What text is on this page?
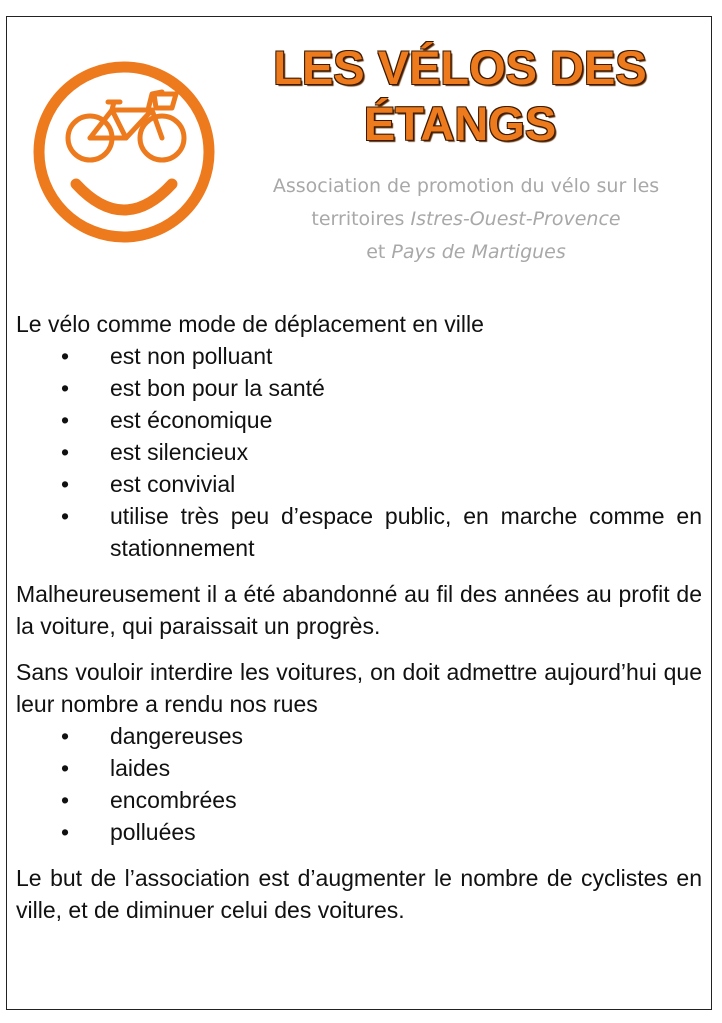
LES VÉLOS DES
ÉTANGS
Association de promotion du vélo sur les
territoires Istres-Ouest-Provence
et Pays de Martigues

Le vélo comme mode de déplacement en ville

• est non polluant
• est bon pour la santé
• est économique
• est silencieux
• est convivial
• utilise très peu d’espace public, en marche comme en stationnement

Malheureusement il a été abandonné au fil des années au profit de la voiture, qui paraissait un progrès.

Sans vouloir interdire les voitures, on doit admettre aujourd’hui que leur nombre a rendu nos rues

• dangereuses
• laides
• encombrées
• polluées

Le but de l’association est d’augmenter le nombre de cyclistes en ville, et de diminuer celui des voitures.
